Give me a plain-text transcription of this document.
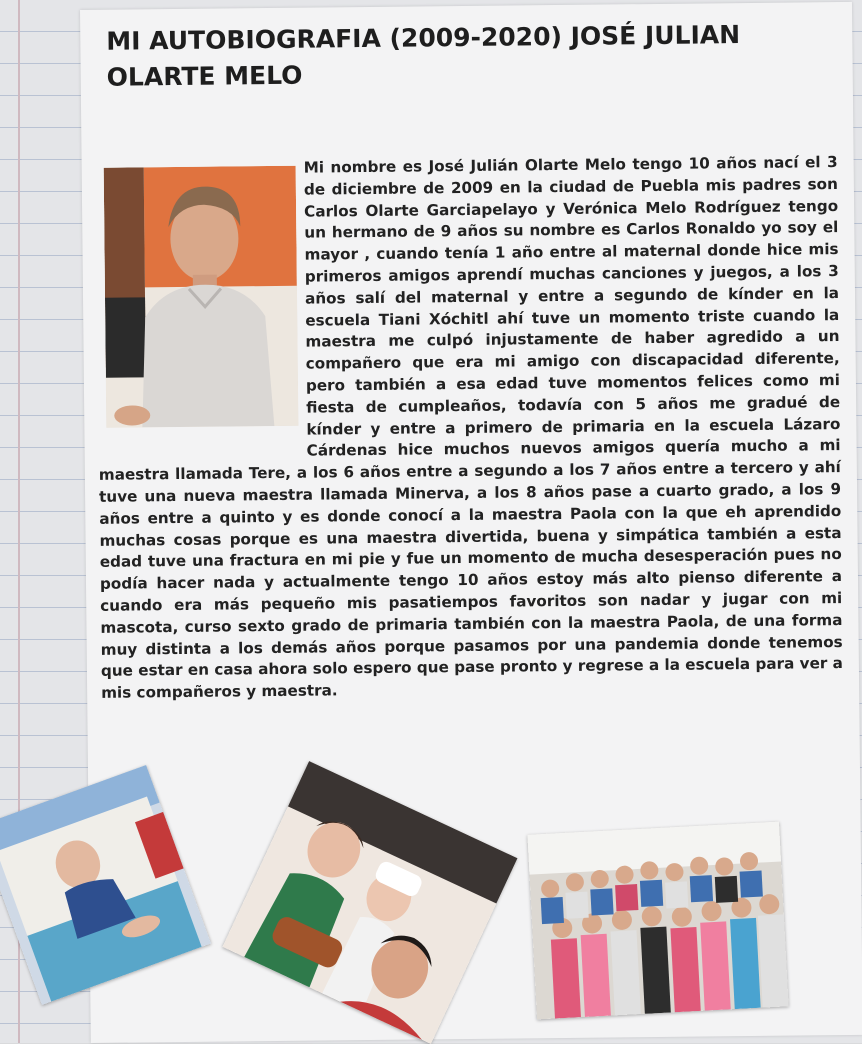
MI AUTOBIOGRAFIA (2009-2020) JOSÉ JULIAN OLARTE MELO

Mi nombre es José Julián Olarte Melo tengo 10 años nací el 3 de diciembre de 2009 en la ciudad de Puebla mis padres son Carlos Olarte Garciapelayo y Verónica Melo Rodríguez tengo un hermano de 9 años su nombre es Carlos Ronaldo yo soy el mayor , cuando tenía 1 año entre al maternal donde hice mis primeros amigos aprendí muchas canciones y juegos, a los 3 años salí del maternal y entre a segundo de kínder en la escuela Tiani Xóchitl ahí tuve un momento triste cuando la maestra me culpó injustamente de haber agredido a un compañero que era mi amigo con discapacidad diferente, pero también a esa edad tuve momentos felices como mi fiesta de cumpleaños, todavía con 5 años me gradué de kínder y entre a primero de primaria en la escuela Lázaro Cárdenas hice muchos nuevos amigos quería mucho a mi maestra llamada Tere, a los 6 años entre a segundo a los 7 años entre a tercero y ahí tuve una nueva maestra llamada Minerva, a los 8 años pase a cuarto grado, a los 9 años entre a quinto y es donde conocí a la maestra Paola con la que eh aprendido muchas cosas porque es una maestra divertida, buena y simpática también a esta edad tuve una fractura en mi pie y fue un momento de mucha desesperación pues no podía hacer nada y actualmente tengo 10 años estoy más alto pienso diferente a cuando era más pequeño mis pasatiempos favoritos son nadar y jugar con mi mascota, curso sexto grado de primaria también con la maestra Paola, de una forma muy distinta a los demás años porque pasamos por una pandemia donde tenemos que estar en casa ahora solo espero que pase pronto y regrese a la escuela para ver a mis compañeros y maestra.
